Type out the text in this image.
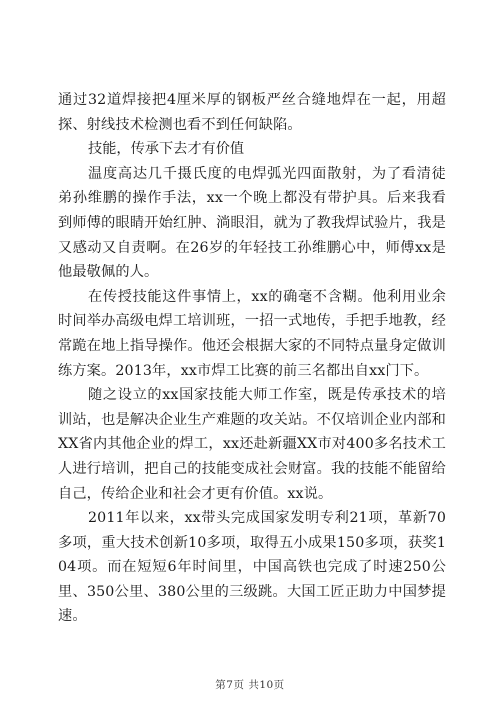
通过32道焊接把4厘米厚的钢板严丝合缝地焊在一起，用超探、射线技术检测也看不到任何缺陷。

技能，传承下去才有价值

温度高达几千摄氏度的电焊弧光四面散射，为了看清徒弟孙维鹏的操作手法，xx一个晚上都没有带护具。后来我看到师傅的眼睛开始红肿、淌眼泪，就为了教我焊试验片，我是又感动又自责啊。在26岁的年轻技工孙维鹏心中，师傅xx是他最敬佩的人。

在传授技能这件事情上，xx的确毫不含糊。他利用业余时间举办高级电焊工培训班，一招一式地传，手把手地教，经常跪在地上指导操作。他还会根据大家的不同特点量身定做训练方案。2013年，xx市焊工比赛的前三名都出自xx门下。

随之设立的xx国家技能大师工作室，既是传承技术的培训站，也是解决企业生产难题的攻关站。不仅培训企业内部和XX省内其他企业的焊工，xx还赴新疆XX市对400多名技术工人进行培训，把自己的技能变成社会财富。我的技能不能留给自己，传给企业和社会才更有价值。xx说。

2011年以来，xx带头完成国家发明专利21项，革新70多项，重大技术创新10多项，取得五小成果150多项，获奖104项。而在短短6年时间里，中国高铁也完成了时速250公里、350公里、380公里的三级跳。大国工匠正助力中国梦提速。

第7页 共10页
